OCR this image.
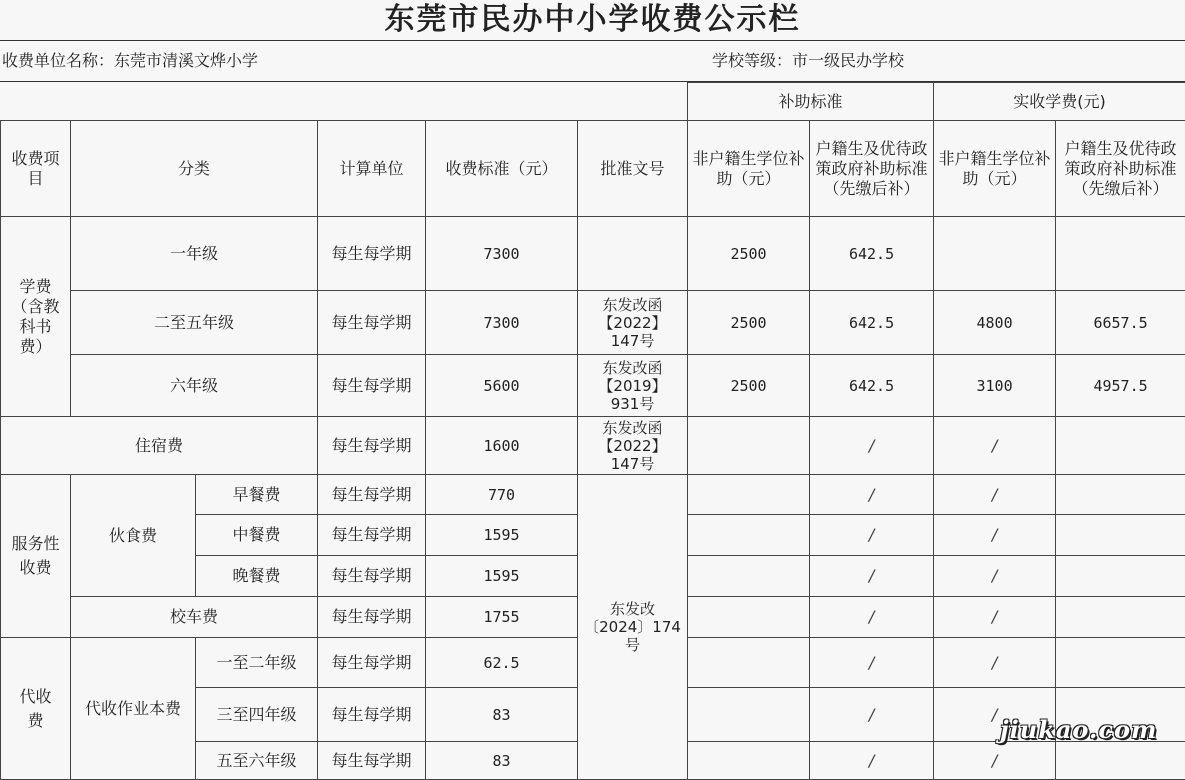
东莞市民办中小学收费公示栏
收费单位名称：东莞市清溪文烨小学	学校等级：市一级民办学校
						补助标准		实收学费(元)	
收费项目	分类		计算单位	收费标准（元）	批准文号	非户籍生学位补助（元）	户籍生及优待政策政府补助标准（先缴后补）	非户籍生学位补助（元）	户籍生及优待政策政府补助标准（先缴后补）
学费（含教科书费）	一年级		每生每学期	7300		2500	642.5		
	二至五年级		每生每学期	7300	东发改函【2022】147号	2500	642.5	4800	6657.5
	六年级		每生每学期	5600	东发改函【2019】931号	2500	642.5	3100	4957.5
住宿费			每生每学期	1600	东发改函【2022】147号		/	/	
服务性收费	伙食费	早餐费	每生每学期	770	东发改〔2024〕174号		/	/	
		中餐费	每生每学期	1595			/	/	
		晚餐费	每生每学期	1595			/	/	
	校车费		每生每学期	1755			/	/	
代收费	代收作业本费	一至二年级	每生每学期	62.5			/	/	
		三至四年级	每生每学期	83			/	/	
		五至六年级	每生每学期	83			/	/	
jiukao.com
